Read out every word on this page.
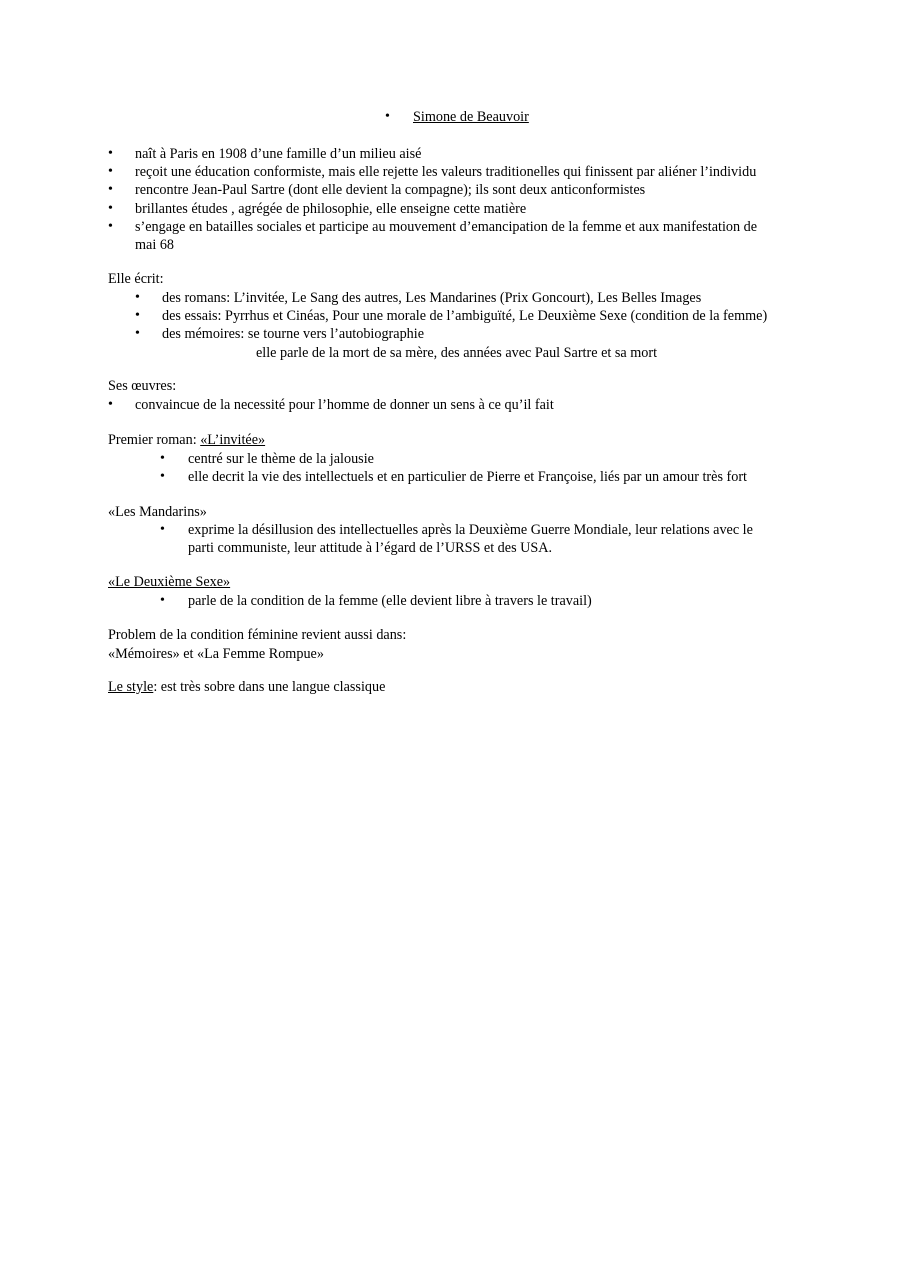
• Simone de Beauvoir
• naît à Paris en 1908 d’une famille d’un milieu aisé
• reçoit une éducation conformiste, mais elle rejette les valeurs traditionelles qui finissent par aliéner l’individu
• rencontre Jean-Paul Sartre (dont elle devient la compagne); ils sont deux anticonformistes
• brillantes études , agrégée de philosophie, elle enseigne cette matière
• s’engage en batailles sociales et participe au mouvement d’emancipation de la femme et aux manifestation de
mai 68
Elle écrit:
• des romans: L’invitée, Le Sang des autres, Les Mandarines (Prix Goncourt), Les Belles Images
• des essais: Pyrrhus et Cinéas, Pour une morale de l’ambiguïté, Le Deuxième Sexe (condition de la femme)
• des mémoires: se tourne vers l’autobiographie
elle parle de la mort de sa mère, des années avec Paul Sartre et sa mort
Ses œuvres:
• convaincue de la necessité pour l’homme de donner un sens à ce qu’il fait
Premier roman: «L’invitée»
• centré sur le thème de la jalousie
• elle decrit la vie des intellectuels et en particulier de Pierre et Françoise, liés par un amour très fort
«Les Mandarins»
• exprime la désillusion des intellectuelles après la Deuxième Guerre Mondiale, leur relations avec le
parti communiste, leur attitude à l’égard de l’URSS et des USA.
«Le Deuxième Sexe»
• parle de la condition de la femme (elle devient libre à travers le travail)
Problem de la condition féminine revient aussi dans:
«Mémoires» et «La Femme Rompue»
Le style: est très sobre dans une langue classique
